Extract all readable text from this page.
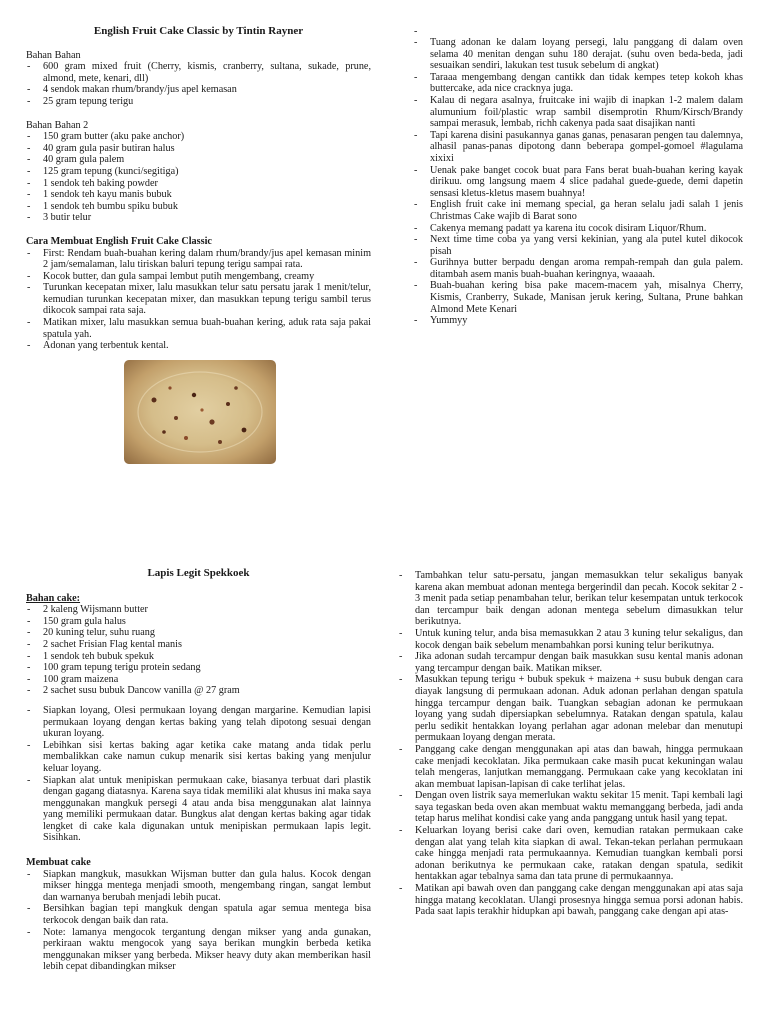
English Fruit Cake Classic by Tintin Rayner
Bahan Bahan
- 600 gram mixed fruit (Cherry, kismis, cranberry, sultana, sukade, prune, almond, mete, kenari, dll)
- 4 sendok makan rhum/brandy/jus apel kemasan
- 25 gram tepung terigu
Bahan Bahan 2
- 150 gram butter (aku pake anchor)
- 40 gram gula pasir butiran halus
- 40 gram gula palem
- 125 gram tepung (kunci/segitiga)
- 1 sendok teh baking powder
- 1 sendok teh kayu manis bubuk
- 1 sendok teh bumbu spiku bubuk
- 3 butir telur
Cara Membuat English Fruit Cake Classic
- First: Rendam buah-buahan kering dalam rhum/brandy/jus apel kemasan minim 2 jam/semalaman, lalu tiriskan baluri tepung terigu sampai rata.
- Kocok butter, dan gula sampai lembut putih mengembang, creamy
- Turunkan kecepatan mixer, lalu masukkan telur satu persatu jarak 1 menit/telur, kemudian turunkan kecepatan mixer, dan masukkan tepung terigu sambil terus dikocok sampai rata saja.
- Matikan mixer, lalu masukkan semua buah-buahan kering, aduk rata saja pakai spatula yah.
- Adonan yang terbentuk kental.
-
- Tuang adonan ke dalam loyang persegi, lalu panggang di dalam oven selama 40 menitan dengan suhu 180 derajat. (suhu oven beda-beda, jadi sesuaikan sendiri, lakukan test tusuk sebelum di angkat)
- Taraaa mengembang dengan cantikk dan tidak kempes tetep kokoh khas buttercake, ada nice cracknya juga.
- Kalau di negara asalnya, fruitcake ini wajib di inapkan 1-2 malem dalam alumunium foil/plastic wrap sambil disemprotin Rhum/Kirsch/Brandy sampai merasuk, lembab, richh cakenya pada saat disajikan nanti
- Tapi karena disini pasukannya ganas ganas, penasaran pengen tau dalemnya, alhasil panas-panas dipotong dann beberapa gompel-gomoel #lagulama xixixi
- Uenak pake banget cocok buat para Fans berat buah-buahan kering kayak dirikuu. omg langsung maem 4 slice padahal guede-guede, demi dapetin sensasi kletus-kletus masem buahnya!
- English fruit cake ini memang special, ga heran selalu jadi salah 1 jenis Christmas Cake wajib di Barat sono
- Cakenya memang padatt ya karena itu cocok disiram Liquor/Rhum.
- Next time time coba ya yang versi kekinian, yang ala putel kutel dikocok pisah
- Gurihnya butter berpadu dengan aroma rempah-rempah dan gula palem. ditambah asem manis buah-buahan keringnya, waaaah.
- Buah-buahan kering bisa pake macem-macem yah, misalnya Cherry, Kismis, Cranberry, Sukade, Manisan jeruk kering, Sultana, Prune bahkan Almond Mete Kenari
- Yummyy
Lapis Legit Spekkoek
Bahan cake:
- 2 kaleng Wijsmann butter
- 150 gram gula halus
- 20 kuning telur, suhu ruang
- 2 sachet Frisian Flag kental manis
- 1 sendok teh bubuk spekuk
- 100 gram tepung terigu protein sedang
- 100 gram maizena
- 2 sachet susu bubuk Dancow vanilla @ 27 gram
- Siapkan loyang, Olesi permukaan loyang dengan margarine. Kemudian lapisi permukaan loyang dengan kertas baking yang telah dipotong sesuai dengan ukuran loyang.
- Lebihkan sisi kertas baking agar ketika cake matang anda tidak perlu membalikkan cake namun cukup menarik sisi kertas baking yang menjulur keluar loyang.
- Siapkan alat untuk menipiskan permukaan cake, biasanya terbuat dari plastik dengan gagang diatasnya. Karena saya tidak memiliki alat khusus ini maka saya menggunakan mangkuk persegi 4 atau anda bisa menggunakan alat lainnya yang memiliki permukaan datar. Bungkus alat dengan kertas baking agar tidak lengket di cake kala digunakan untuk menipiskan permukaan lapis legit. Sisihkan.
Membuat cake
- Siapkan mangkuk, masukkan Wijsman butter dan gula halus. Kocok dengan mikser hingga mentega menjadi smooth, mengembang ringan, sangat lembut dan warnanya berubah menjadi lebih pucat.
- Bersihkan bagian tepi mangkuk dengan spatula agar semua mentega bisa terkocok dengan baik dan rata.
- Note: lamanya mengocok tergantung dengan mikser yang anda gunakan, perkiraan waktu mengocok yang saya berikan mungkin berbeda ketika menggunakan mikser yang berbeda. Mikser heavy duty akan memberikan hasil lebih cepat dibandingkan mikser
- Tambahkan telur satu-persatu, jangan memasukkan telur sekaligus banyak karena akan membuat adonan mentega bergerindil dan pecah. Kocok sekitar 2 - 3 menit pada setiap penambahan telur, berikan telur kesempatan untuk terkocok dan tercampur baik dengan adonan mentega sebelum dimasukkan telur berikutnya.
- Untuk kuning telur, anda bisa memasukkan 2 atau 3 kuning telur sekaligus, dan kocok dengan baik sebelum menambahkan porsi kuning telur berikutnya.
- Jika adonan sudah tercampur dengan baik masukkan susu kental manis adonan yang tercampur dengan baik. Matikan mikser.
- Masukkan tepung terigu + bubuk spekuk + maizena + susu bubuk dengan cara diayak langsung di permukaan adonan. Aduk adonan perlahan dengan spatula hingga tercampur dengan baik. Tuangkan sebagian adonan ke permukaan loyang yang sudah dipersiapkan sebelumnya. Ratakan dengan spatula, kalau perlu sedikit hentakkan loyang perlahan agar adonan melebar dan menutupi permukaan loyang dengan merata.
- Panggang cake dengan menggunakan api atas dan bawah, hingga permukaan cake menjadi kecoklatan. Jika permukaan cake masih pucat kekuningan walau telah mengeras, lanjutkan memanggang. Permukaan cake yang kecoklatan ini akan membuat lapisan-lapisan di cake terlihat jelas.
- Dengan oven listrik saya memerlukan waktu sekitar 15 menit. Tapi kembali lagi saya tegaskan beda oven akan membuat waktu memanggang berbeda, jadi anda tetap harus melihat kondisi cake yang anda panggang untuk hasil yang tepat.
- Keluarkan loyang berisi cake dari oven, kemudian ratakan permukaan cake dengan alat yang telah kita siapkan di awal. Tekan-tekan perlahan permukaan cake hingga menjadi rata permukaannya. Kemudian tuangkan kembali porsi adonan berikutnya ke permukaan cake, ratakan dengan spatula, sedikit hentakkan agar tebalnya sama dan tata prune di permukaannya.
- Matikan api bawah oven dan panggang cake dengan menggunakan api atas saja hingga matang kecoklatan. Ulangi prosesnya hingga semua porsi adonan habis. Pada saat lapis terakhir hidupkan api bawah, panggang cake dengan api atas-
